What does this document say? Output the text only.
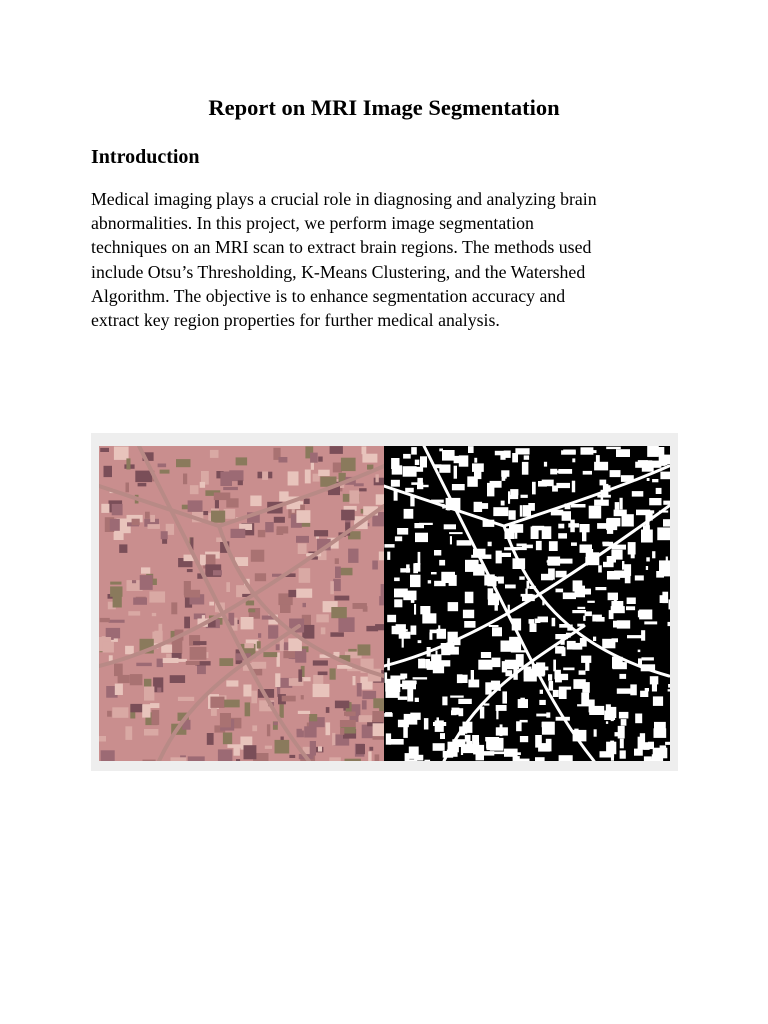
Report on MRI Image Segmentation
Introduction

Medical imaging plays a crucial role in diagnosing and analyzing brain
abnormalities. In this project, we perform image segmentation
techniques on an MRI scan to extract brain regions. The methods used
include Otsu’s Thresholding, K-Means Clustering, and the Watershed
Algorithm. The objective is to enhance segmentation accuracy and
extract key region properties for further medical analysis.
